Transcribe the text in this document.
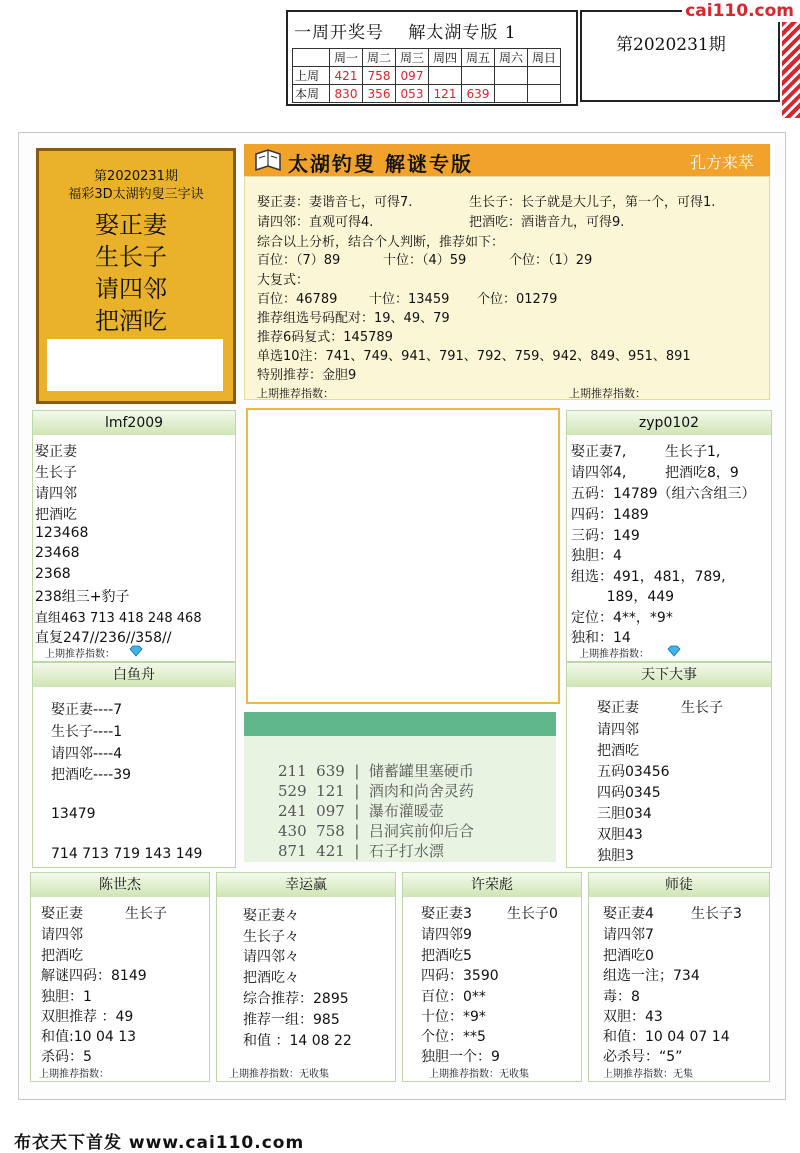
一周开奖号　 解太湖专版 1
	周一	周二	周三	周四	周五	周六	周日
上周	421	758	097				
本周	830	356	053	121	639		
第2020231期
cai110.com
第2020231期
福彩3D太湖钓叟三字诀
娶正妻
生长子
请四邻
把酒吃
太湖钓叟 解谜专版	孔方来萃
娶正妻：妻谐音七，可得7.	生长子：长子就是大儿子，第一个，可得1.
请四邻：直观可得4.	把酒吃：酒谐音九，可得9.
综合以上分析，结合个人判断，推荐如下：
百位：（7）89	十位：（4）59	个位：（1）29
大复式：
百位：46789 十位：13459 个位：01279
推荐组选号码配对：19、49、79
推荐6码复式：145789
单选10注：741、749、941、791、792、759、942、849、951、891
特别推荐：金胆9
上期推荐指数：	上期推荐指数：
lmf2009
娶正妻
生长子
请四邻
把酒吃
123468
23468
2368
238组三+豹子
直组463 713 418 248 468
直复247//236//358//
上期推荐指数：
zyp0102
娶正妻7,	生长子1,
请四邻4,	把酒吃8，9
五码：14789（组六含组三）
四码：1489
三码：149
独胆：4
组选：491，481，789,
189，449
定位：4**，*9*
独和：14
上期推荐指数：
白鱼舟
娶正妻----7
生长子----1
请四邻----4
把酒吃----39
13479
714 713 719 143 149
211  639  |  储蓄罐里塞硬币
529  121  |  酒肉和尚舍灵药
241  097  |  瀑布灌暖壶
430  758  |  吕洞宾前仰后合
871  421  |  石子打水漂
天下大事
娶正妻	生长子
请四邻
把酒吃
五码03456
四码0345
三胆034
双胆43
独胆3
陈世杰
娶正妻	生长子
请四邻
把酒吃
解谜四码：8149
独胆：1
双胆推荐 ：49
和值:10 04 13
杀码：5
上期推荐指数：
幸运赢
娶正妻々
生长子々
请四邻々
把酒吃々
综合推荐：2895
推荐一组：985
和值 ：14 08 22
上期推荐指数：无收集
许荣彪
娶正妻3	生长子0
请四邻9
把酒吃5
四码：3590
百位：0**
十位：*9*
个位：**5
独胆一个：9
上期推荐指数：无收集
师徒
娶正妻4	生长子3
请四邻7
把酒吃0
组选一注；734
毒：8
双胆：43
和值：10 04 07 14
必杀号：“5”
上期推荐指数：无集
布衣天下首发 www.cai110.com
